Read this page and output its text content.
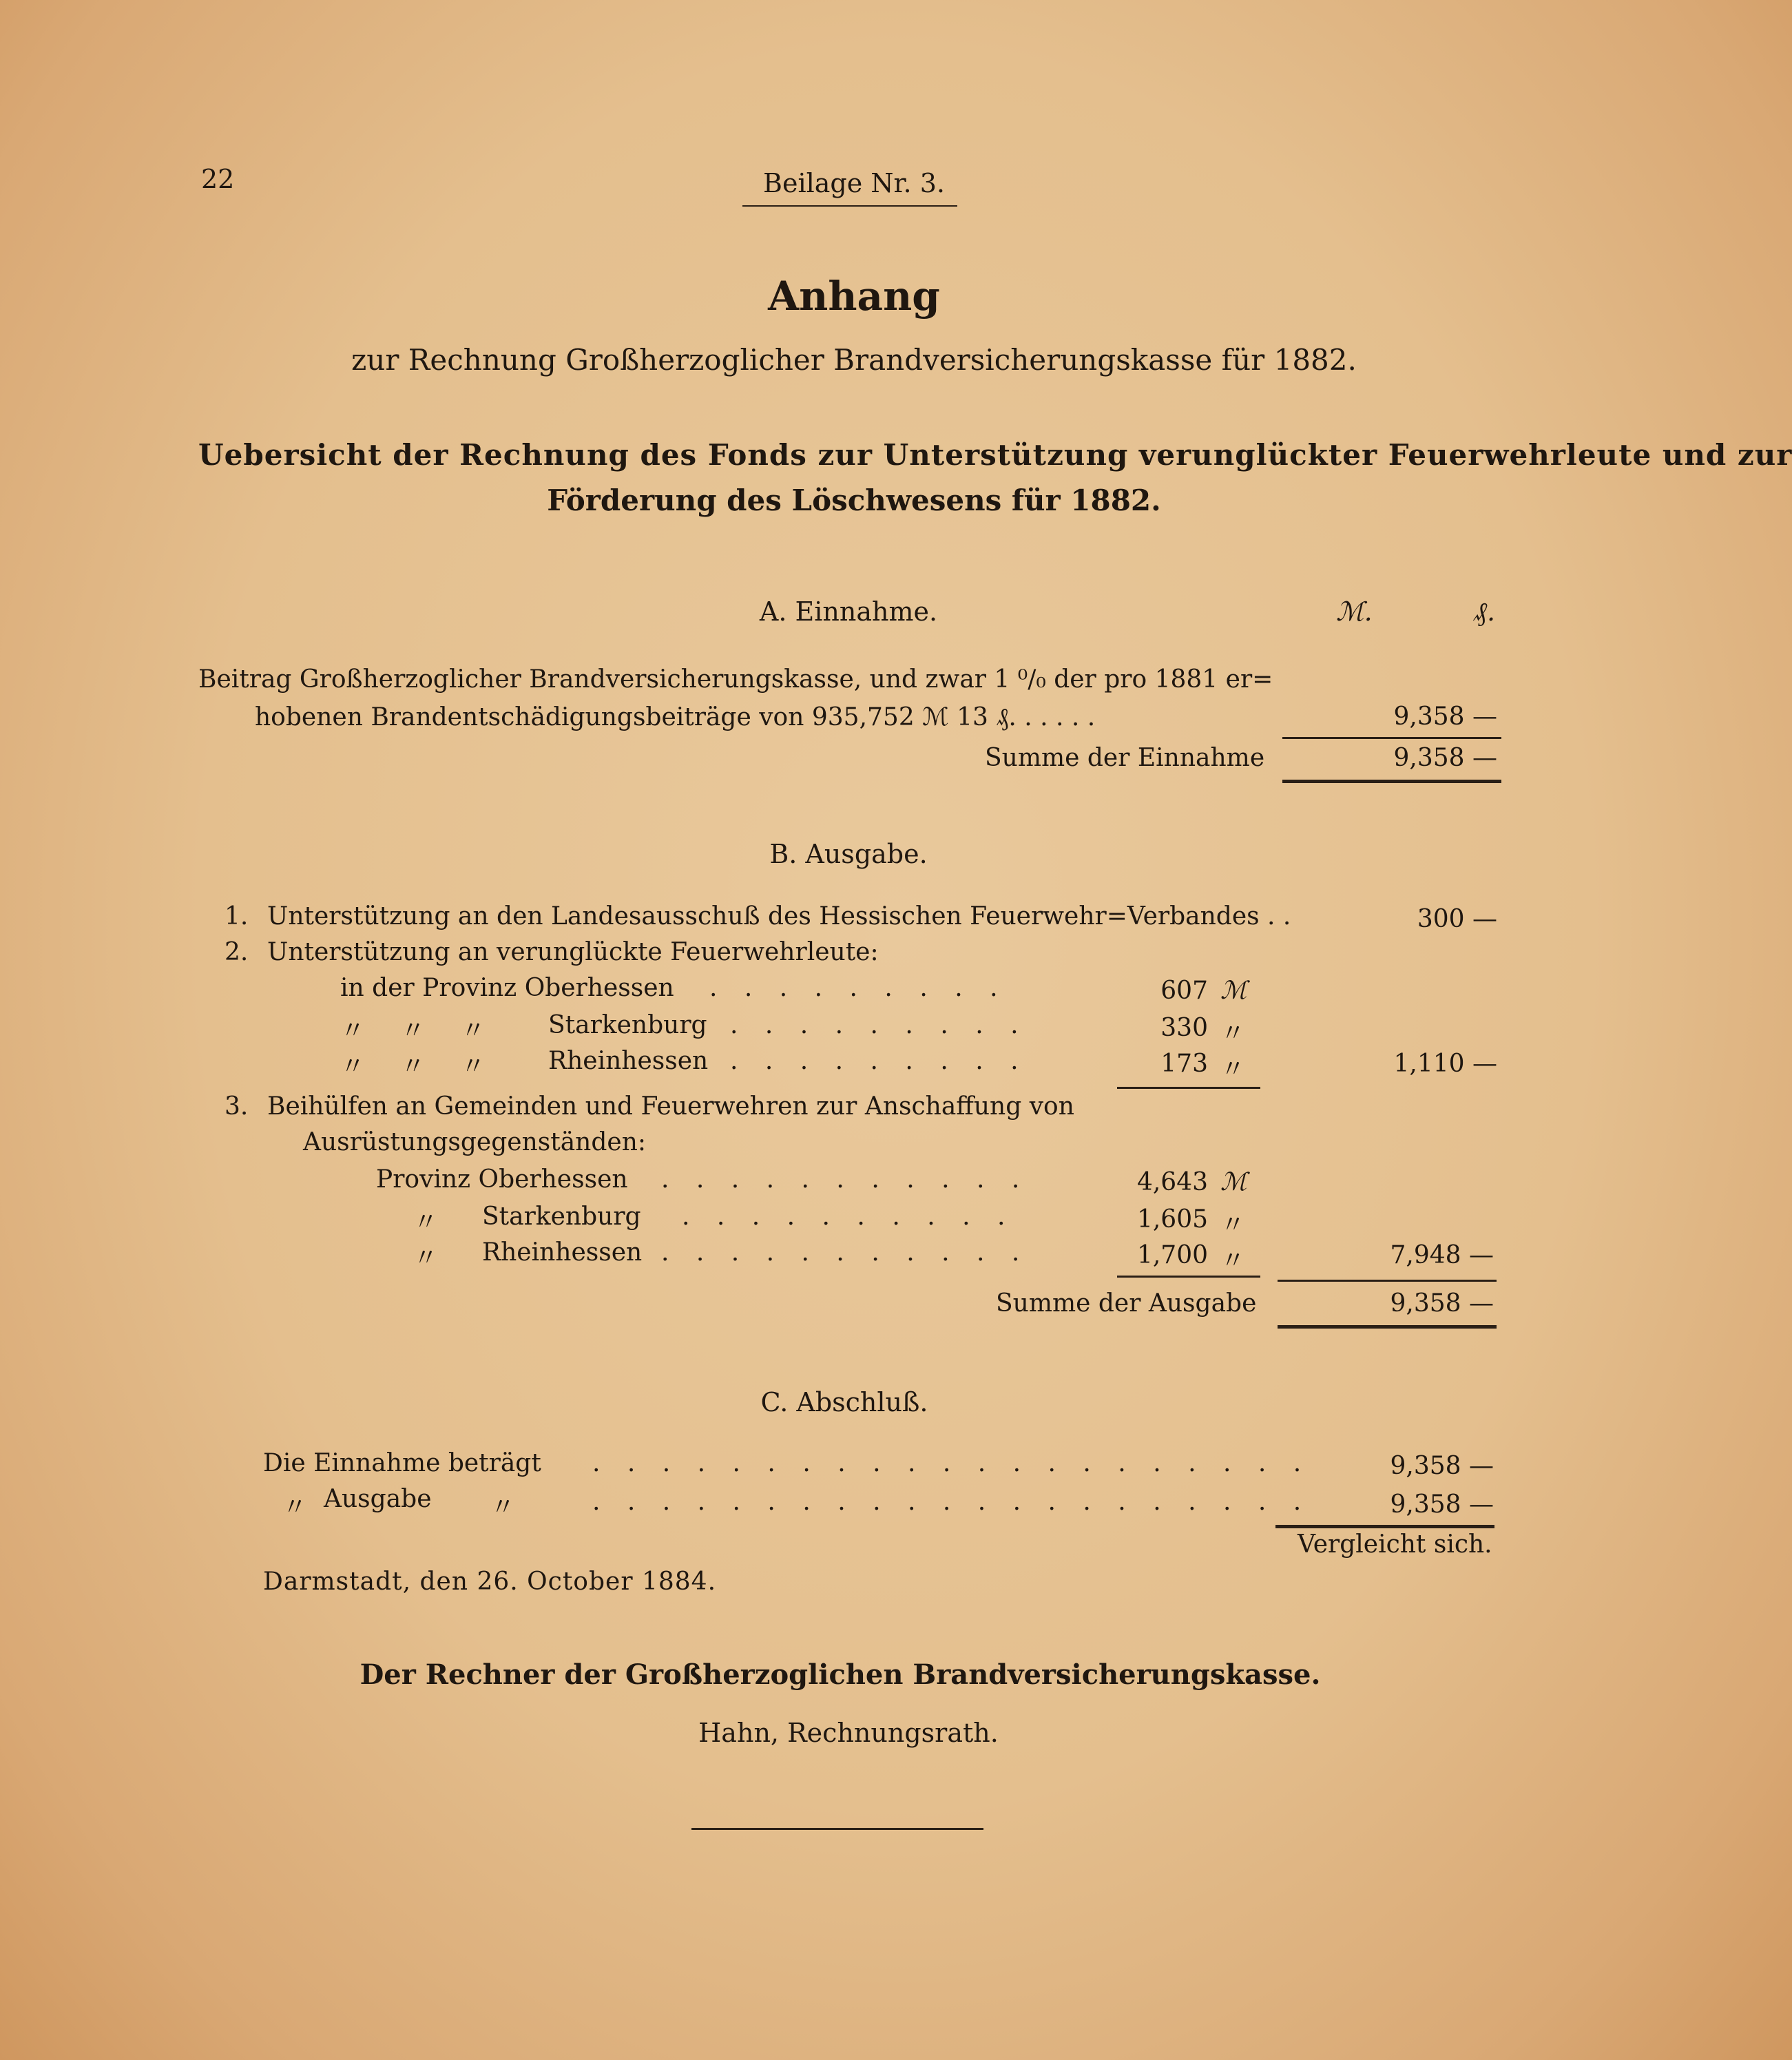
22	Beilage Nr. 3.
Anhang
zur Rechnung Großherzoglicher Brandversicherungskasse für 1882.
Uebersicht der Rechnung des Fonds zur Unterstützung verunglückter Feuerwehrleute und zur
Förderung des Löschwesens für 1882.
A. Einnahme.	ℳ.	₰.
Beitrag Großherzoglicher Brandversicherungskasse, und zwar 1 ⁰/₀ der pro 1881 er=
hobenen Brandentschädigungsbeiträge von 935,752 ℳ 13 ₰. . . . . .	9,358 —
Summe der Einnahme	9,358 —
B. Ausgabe.
1. Unterstützung an den Landesausschuß des Hessischen Feuerwehr=Verbandes . .	300 —
2. Unterstützung an verunglückte Feuerwehrleute:
in der Provinz Oberhessen . . . . . . . . .	607 ℳ
〃 〃 〃	Starkenburg . . . . . . . . .	330 〃
〃 〃 〃	Rheinhessen . . . . . . . . .	173 〃	1,110 —
3. Beihülfen an Gemeinden und Feuerwehren zur Anschaffung von
Ausrüstungsgegenständen:
Provinz Oberhessen . . . . . . . . . . .	4,643 ℳ
〃 Starkenburg . . . . . . . . . .	1,605 〃
〃 Rheinhessen . . . . . . . . . . .	1,700 〃	7,948 —
Summe der Ausgabe	9,358 —
C. Abschluß.
Die Einnahme beträgt . . . . . . . . . . . . . . . . . . . . .	9,358 —
〃 Ausgabe 〃	. . . . . . . . . . . . . . . . . . . . .	9,358 —
Vergleicht sich.
Darmstadt, den 26. October 1884.
Der Rechner der Großherzoglichen Brandversicherungskasse.
Hahn, Rechnungsrath.
